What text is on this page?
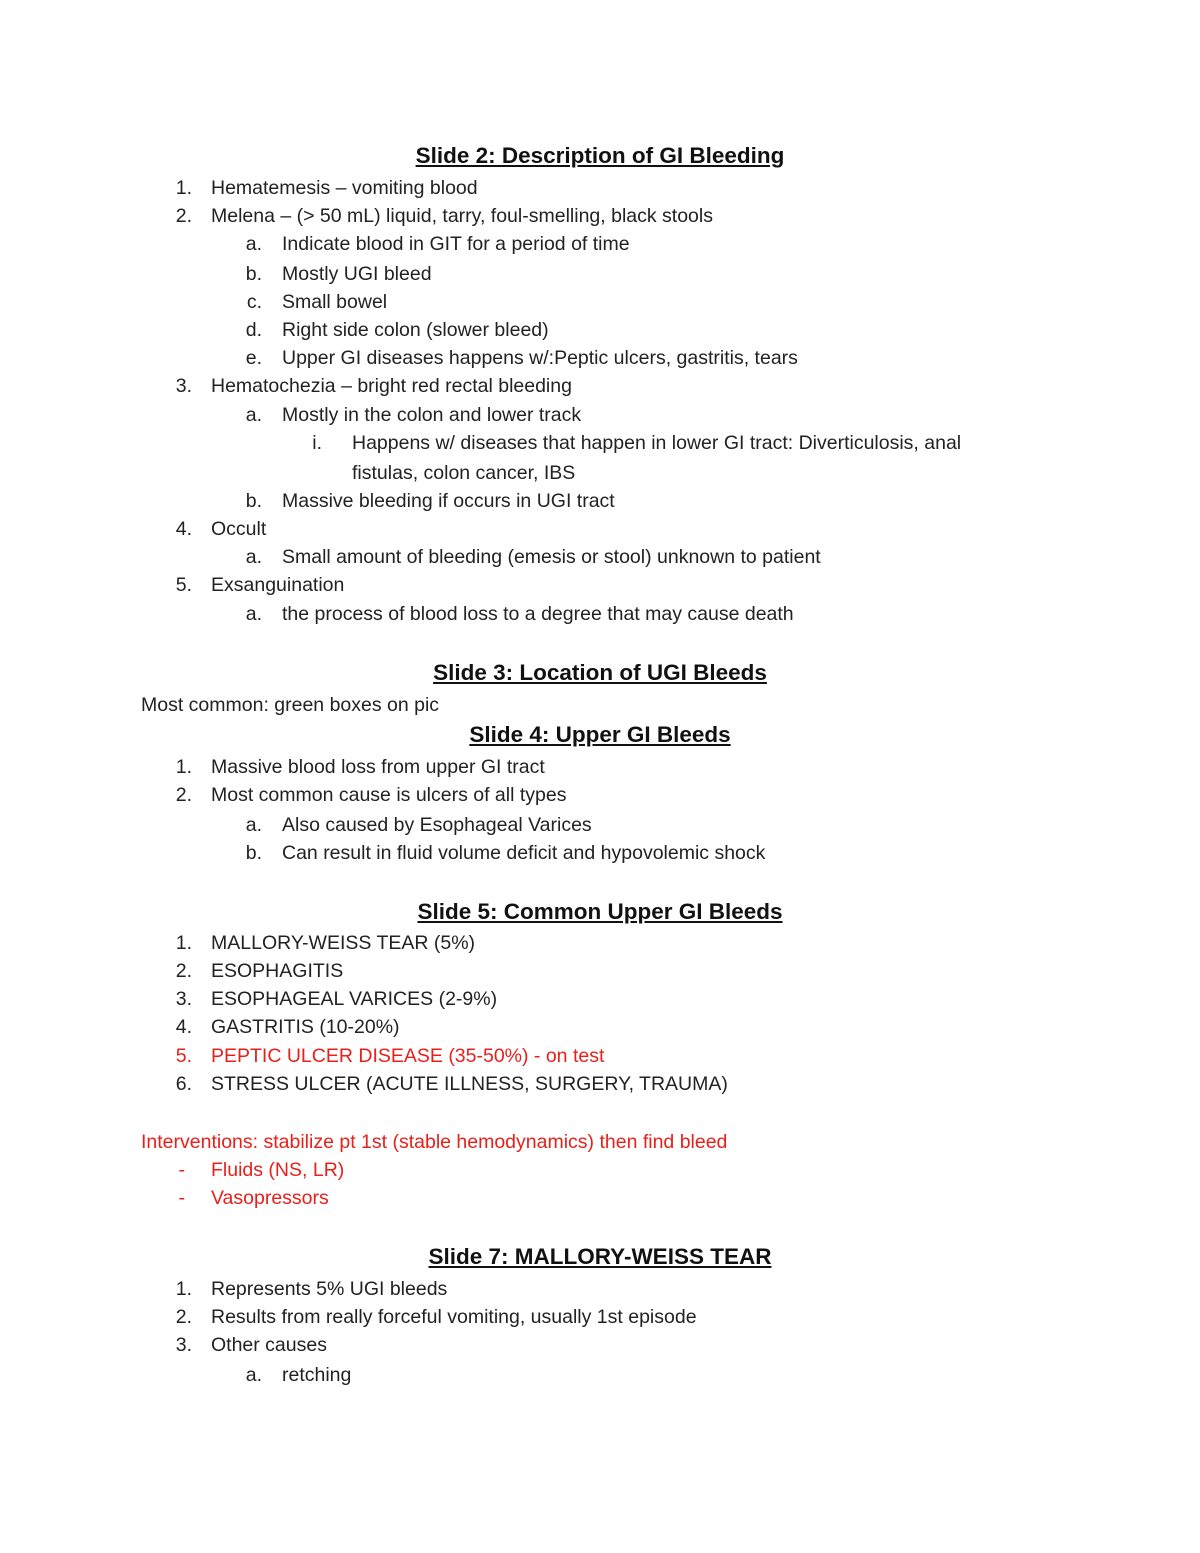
Slide 2: Description of GI Bleeding
1. Hematemesis – vomiting blood
2. Melena – (> 50 mL) liquid, tarry, foul-smelling, black stools
a. Indicate blood in GIT for a period of time
b. Mostly UGI bleed
c. Small bowel
d. Right side colon (slower bleed)
e. Upper GI diseases happens w/:Peptic ulcers, gastritis, tears
3. Hematochezia – bright red rectal bleeding
a. Mostly in the colon and lower track
i. Happens w/ diseases that happen in lower GI tract: Diverticulosis, anal
fistulas, colon cancer, IBS
b. Massive bleeding if occurs in UGI tract
4. Occult
a. Small amount of bleeding (emesis or stool) unknown to patient
5. Exsanguination
a. the process of blood loss to a degree that may cause death
Slide 3: Location of UGI Bleeds
Most common: green boxes on pic
Slide 4: Upper GI Bleeds
1. Massive blood loss from upper GI tract
2. Most common cause is ulcers of all types
a. Also caused by Esophageal Varices
b. Can result in fluid volume deficit and hypovolemic shock
Slide 5: Common Upper GI Bleeds
1. MALLORY-WEISS TEAR (5%)
2. ESOPHAGITIS
3. ESOPHAGEAL VARICES (2-9%)
4. GASTRITIS (10-20%)
5. PEPTIC ULCER DISEASE (35-50%) - on test
6. STRESS ULCER (ACUTE ILLNESS, SURGERY, TRAUMA)
Interventions: stabilize pt 1st (stable hemodynamics) then find bleed
- Fluids (NS, LR)
- Vasopressors
Slide 7: MALLORY-WEISS TEAR
1. Represents 5% UGI bleeds
2. Results from really forceful vomiting, usually 1st episode
3. Other causes
a. retching
